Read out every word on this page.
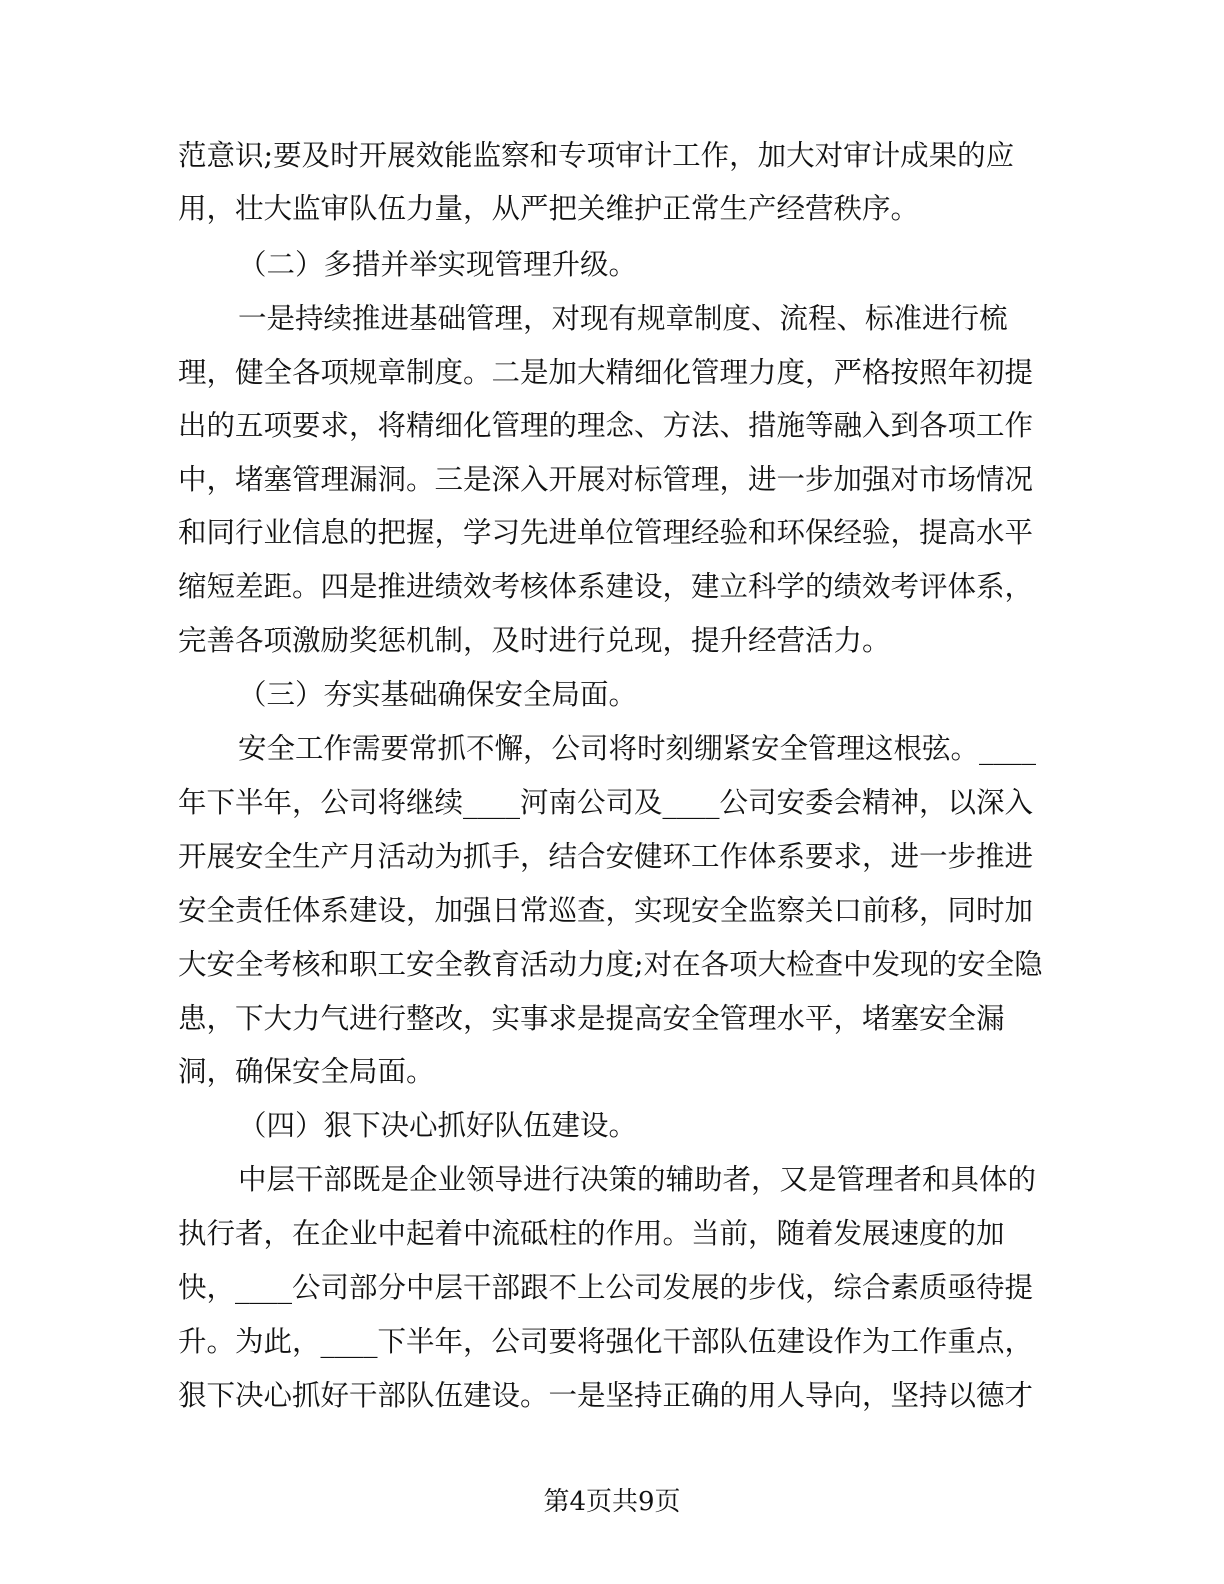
范意识;要及时开展效能监察和专项审计工作，加大对审计成果的应
用，壮大监审队伍力量，从严把关维护正常生产经营秩序。
（二）多措并举实现管理升级。
一是持续推进基础管理，对现有规章制度、流程、标准进行梳
理，健全各项规章制度。二是加大精细化管理力度，严格按照年初提
出的五项要求，将精细化管理的理念、方法、措施等融入到各项工作
中，堵塞管理漏洞。三是深入开展对标管理，进一步加强对市场情况
和同行业信息的把握，学习先进单位管理经验和环保经验，提高水平
缩短差距。四是推进绩效考核体系建设，建立科学的绩效考评体系，
完善各项激励奖惩机制，及时进行兑现，提升经营活力。
（三）夯实基础确保安全局面。
安全工作需要常抓不懈，公司将时刻绷紧安全管理这根弦。____
年下半年，公司将继续____河南公司及____公司安委会精神，以深入
开展安全生产月活动为抓手，结合安健环工作体系要求，进一步推进
安全责任体系建设，加强日常巡查，实现安全监察关口前移，同时加
大安全考核和职工安全教育活动力度;对在各项大检查中发现的安全隐
患，下大力气进行整改，实事求是提高安全管理水平，堵塞安全漏
洞，确保安全局面。
（四）狠下决心抓好队伍建设。
中层干部既是企业领导进行决策的辅助者，又是管理者和具体的
执行者，在企业中起着中流砥柱的作用。当前，随着发展速度的加
快，____公司部分中层干部跟不上公司发展的步伐，综合素质亟待提
升。为此，____下半年，公司要将强化干部队伍建设作为工作重点，
狠下决心抓好干部队伍建设。一是坚持正确的用人导向，坚持以德才
第4页共9页
